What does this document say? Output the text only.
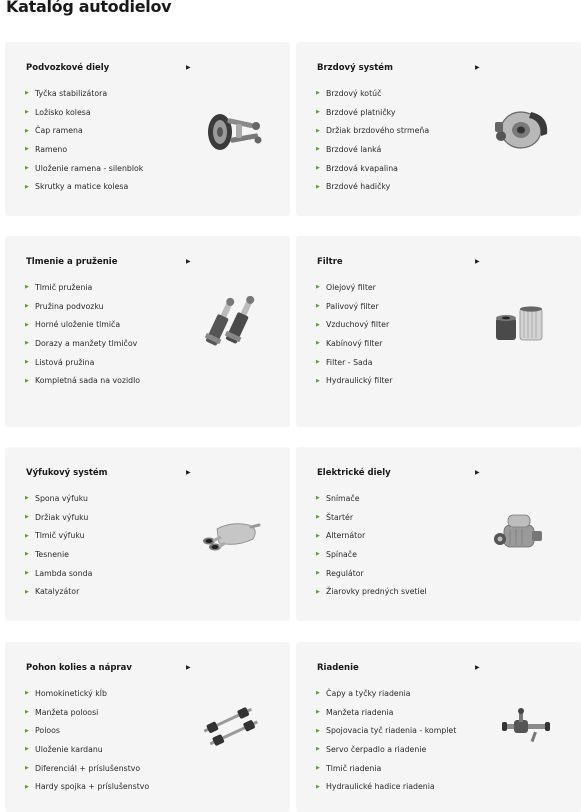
Katalóg autodielov
Podvozkové diely	▶
▶ Tyčka stabilizátora
▶ Ložisko kolesa
▶ Čap ramena
▶ Rameno
▶ Uloženie ramena - silenblok
▶ Skrutky a matice kolesa
Brzdový systém	▶
▶ Brzdový kotúč
▶ Brzdové platničky
▶ Držiak brzdového strmeňa
▶ Brzdové lanká
▶ Brzdová kvapalina
▶ Brzdové hadičky
Tlmenie a pruženie	▶
▶ Tlmič pruženia
▶ Pružina podvozku
▶ Horné uloženie tlmiča
▶ Dorazy a manžety tlmičov
▶ Listová pružina
▶ Kompletná sada na vozidlo
Filtre	▶
▶ Olejový filter
▶ Palivový filter
▶ Vzduchový filter
▶ Kabínový filter
▶ Filter - Sada
▶ Hydraulický filter
Výfukový systém	▶
▶ Spona výfuku
▶ Držiak výfuku
▶ Tlmič výfuku
▶ Tesnenie
▶ Lambda sonda
▶ Katalyzátor
Elektrické diely	▶
▶ Snímače
▶ Štartér
▶ Alternátor
▶ Spínače
▶ Regulátor
▶ Žiarovky predných svetiel
Pohon kolies a náprav	▶
▶ Homokinetický kĺb
▶ Manžeta poloosi
▶ Poloos
▶ Uloženie kardanu
▶ Diferenciál + príslušenstvo
▶ Hardy spojka + príslušenstvo
Riadenie	▶
▶ Čapy a tyčky riadenia
▶ Manžeta riadenia
▶ Spojovacia tyč riadenia - komplet
▶ Servo čerpadlo a riadenie
▶ Tlmič riadenia
▶ Hydraulické hadice riadenia
